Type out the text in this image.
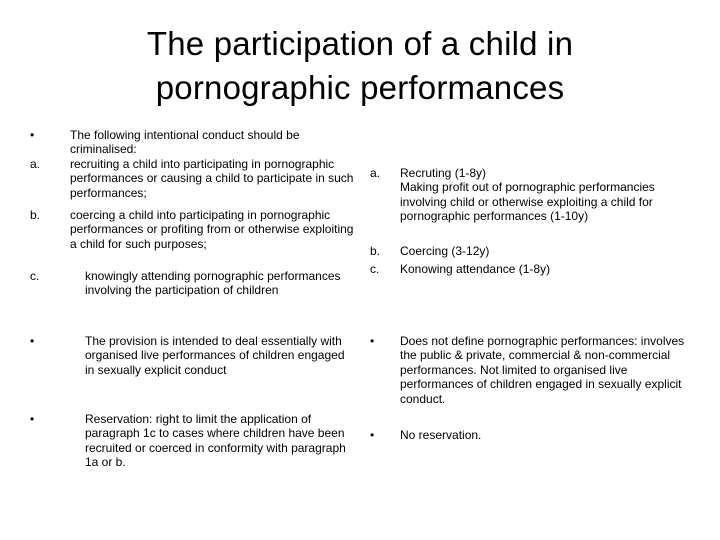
The participation of a child in
pornographic performances
•	The following intentional conduct should be criminalised:
a.	recruiting a child into participating in pornographic performances or causing a child to participate in such performances;
b.	coercing a child into participating in pornographic performances or profiting from or otherwise exploiting a child for such purposes;
c.	knowingly attending pornographic performances involving the participation of children
•	The provision is intended to deal essentially with organised live performances of children engaged in sexually explicit conduct
•	Reservation: right to limit the application of paragraph 1c to cases where children have been recruited or coerced in conformity with paragraph 1a or b.
a.	Recruting (1-8y)
Making profit out of pornographic performancies involving child or otherwise exploiting a child for pornographic performances (1-10y)
b.	Coercing (3-12y)
c.	Konowing attendance (1-8y)
•	Does not define pornographic performances: involves the public & private, commercial & non-commercial performances. Not limited to organised live performances of children engaged in sexually explicit conduct.
•	No reservation.
